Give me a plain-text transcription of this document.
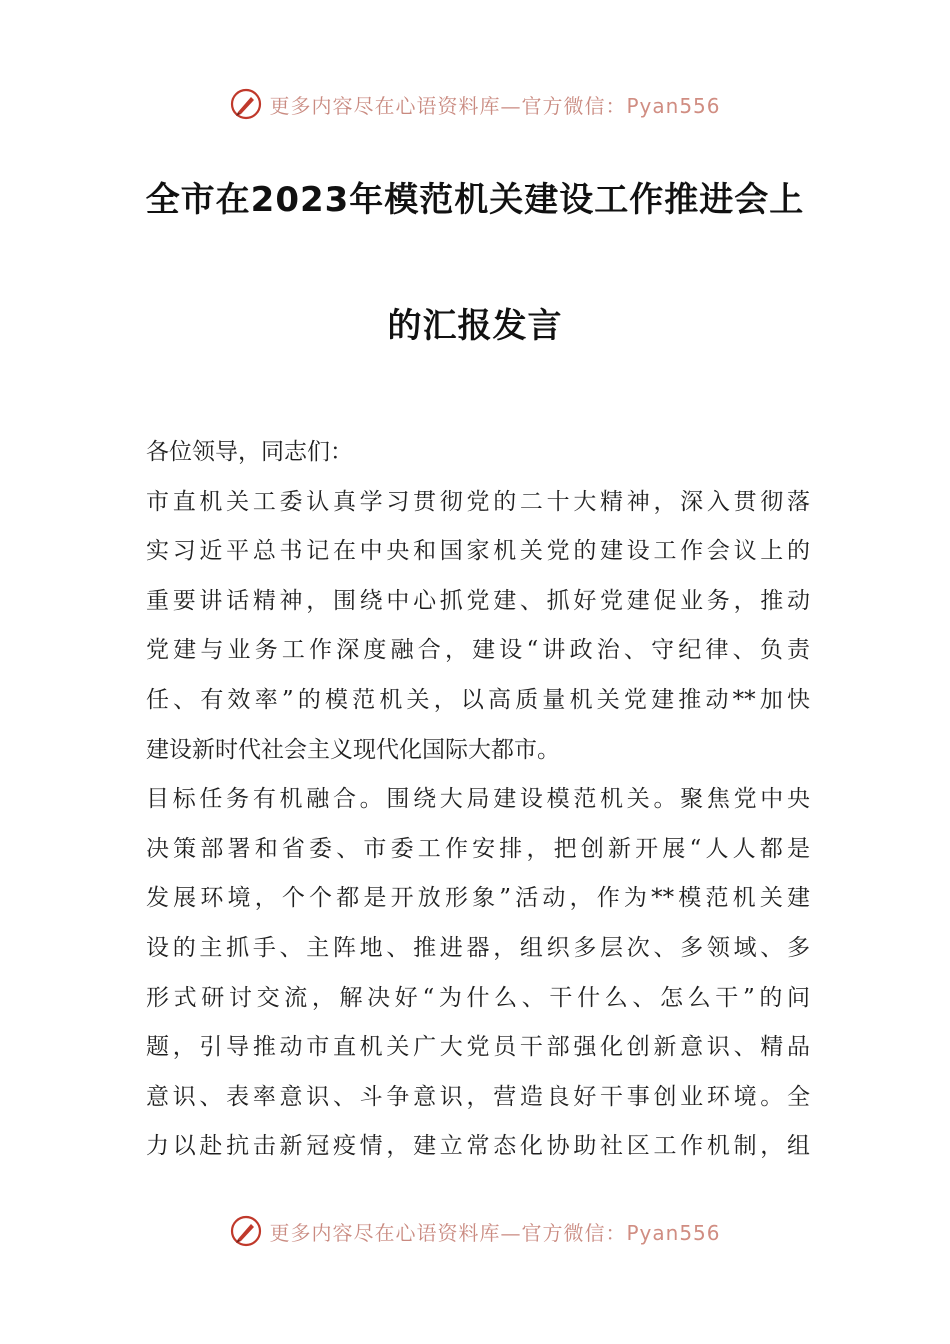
更多内容尽在心语资料库—官方微信：Pyan556
全市在2023年模范机关建设工作推进会上
的汇报发言
各位领导，同志们：
市直机关工委认真学习贯彻党的二十大精神，深入贯彻落
实习近平总书记在中央和国家机关党的建设工作会议上的
重要讲话精神，围绕中心抓党建、抓好党建促业务，推动
党建与业务工作深度融合，建设“讲政治、守纪律、负责
任、有效率”的模范机关，以高质量机关党建推动**加快
建设新时代社会主义现代化国际大都市。
目标任务有机融合。围绕大局建设模范机关。聚焦党中央
决策部署和省委、市委工作安排，把创新开展“人人都是
发展环境，个个都是开放形象”活动，作为**模范机关建
设的主抓手、主阵地、推进器，组织多层次、多领域、多
形式研讨交流，解决好“为什么、干什么、怎么干”的问
题，引导推动市直机关广大党员干部强化创新意识、精品
意识、表率意识、斗争意识，营造良好干事创业环境。全
力以赴抗击新冠疫情，建立常态化协助社区工作机制，组
更多内容尽在心语资料库—官方微信：Pyan556
